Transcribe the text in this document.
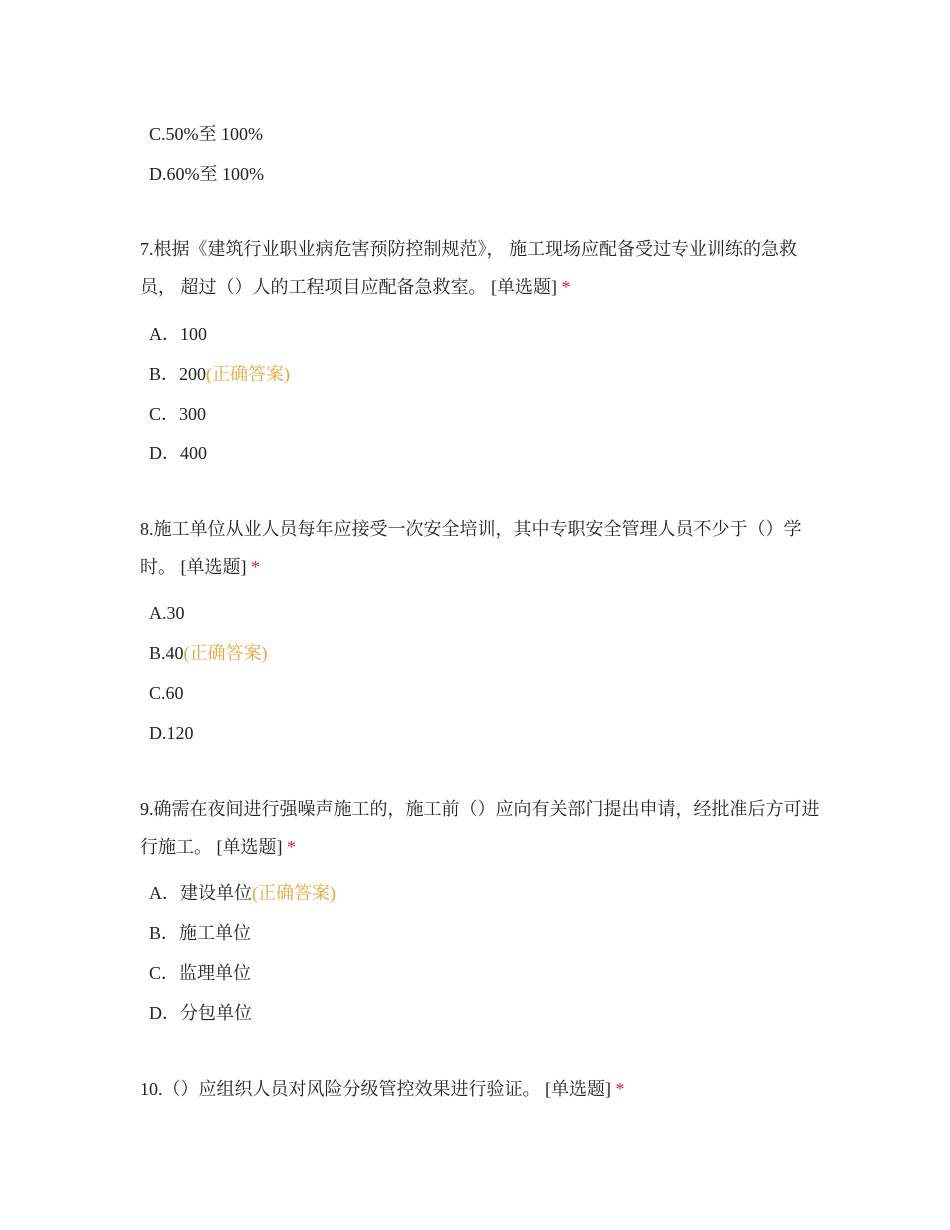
C.50%至 100%
D.60%至 100%
7.根据《建筑行业职业病危害预防控制规范》， 施工现场应配备受过专业训练的急救员， 超过（）人的工程项目应配备急救室。 [单选题] *
A．100
B．200(正确答案)
C．300
D．400
8.施工单位从业人员每年应接受一次安全培训，其中专职安全管理人员不少于（）学时。 [单选题] *
A.30
B.40(正确答案)
C.60
D.120
9.确需在夜间进行强噪声施工的，施工前（）应向有关部门提出申请，经批准后方可进行施工。 [单选题] *
A．建设单位(正确答案)
B．施工单位
C．监理单位
D．分包单位
10.（）应组织人员对风险分级管控效果进行验证。 [单选题] *
